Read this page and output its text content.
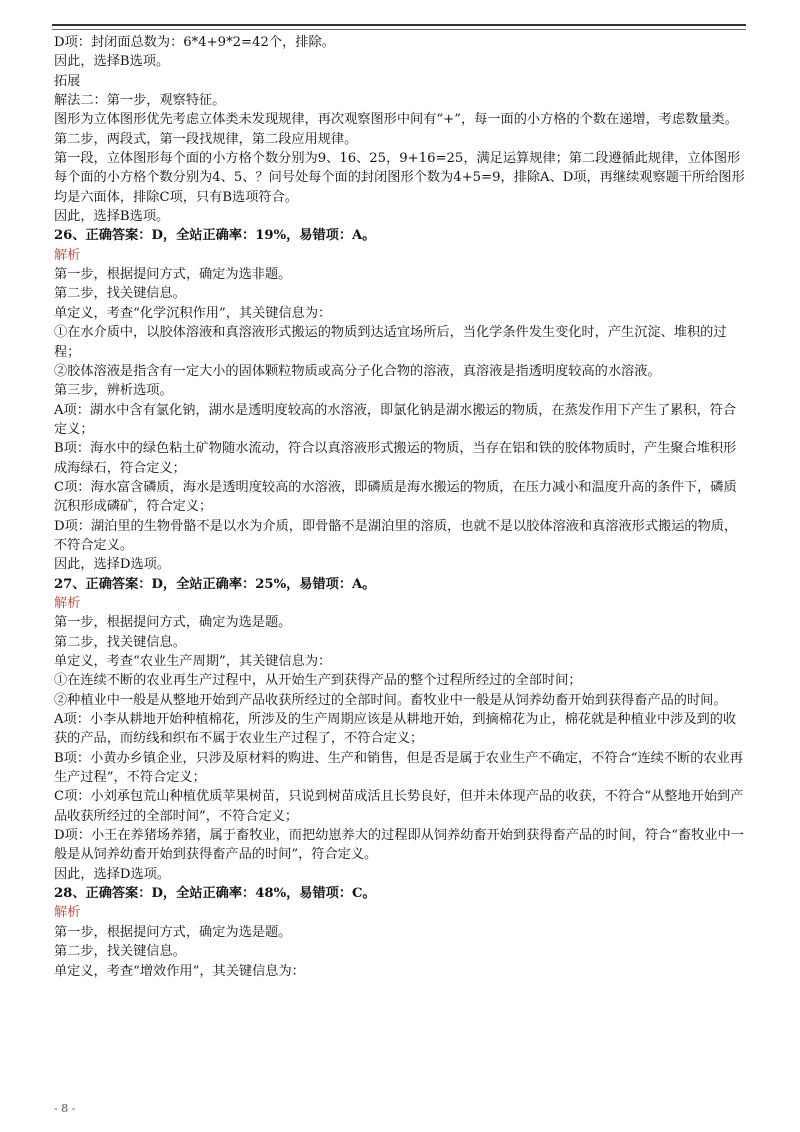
D项：封闭面总数为：6*4+9*2=42个，排除。

因此，选择B选项。

拓展

解法二：第一步，观察特征。

图形为立体图形优先考虑立体类未发现规律，再次观察图形中间有“+”，每一面的小方格的个数在递增，考虑数量类。

第二步，两段式，第一段找规律，第二段应用规律。

第一段，立体图形每个面的小方格个数分别为9、16、25，9+16=25，满足运算规律；第二段遵循此规律，立体图形每个面的小方格个数分别为4、5、？问号处每个面的封闭图形个数为4+5=9，排除A、D项，再继续观察题干所给图形均是六面体，排除C项，只有B选项符合。

因此，选择B选项。

26、正确答案：D，全站正确率：19%，易错项：A。

解析

第一步，根据提问方式，确定为选非题。

第二步，找关键信息。

单定义，考查“化学沉积作用”，其关键信息为：

①在水介质中，以胶体溶液和真溶液形式搬运的物质到达适宜场所后，当化学条件发生变化时，产生沉淀、堆积的过程；

②胶体溶液是指含有一定大小的固体颗粒物质或高分子化合物的溶液，真溶液是指透明度较高的水溶液。

第三步，辨析选项。

A项：湖水中含有氯化钠，湖水是透明度较高的水溶液，即氯化钠是湖水搬运的物质，在蒸发作用下产生了累积，符合定义；

B项：海水中的绿色粘土矿物随水流动，符合以真溶液形式搬运的物质，当存在铝和铁的胶体物质时，产生聚合堆积形成海绿石，符合定义；

C项：海水富含磷质，海水是透明度较高的水溶液，即磷质是海水搬运的物质，在压力减小和温度升高的条件下，磷质沉积形成磷矿，符合定义；

D项：湖泊里的生物骨骼不是以水为介质，即骨骼不是湖泊里的溶质，也就不是以胶体溶液和真溶液形式搬运的物质，不符合定义。

因此，选择D选项。

27、正确答案：D，全站正确率：25%，易错项：A。

解析

第一步，根据提问方式，确定为选是题。

第二步，找关键信息。

单定义，考查“农业生产周期”，其关键信息为：

①在连续不断的农业再生产过程中，从开始生产到获得产品的整个过程所经过的全部时间；

②种植业中一般是从整地开始到产品收获所经过的全部时间。畜牧业中一般是从饲养幼畜开始到获得畜产品的时间。

A项：小李从耕地开始种植棉花，所涉及的生产周期应该是从耕地开始，到摘棉花为止，棉花就是种植业中涉及到的收获的产品，而纺线和织布不属于农业生产过程了，不符合定义；

B项：小黄办乡镇企业，只涉及原材料的购进、生产和销售，但是否是属于农业生产不确定，不符合“连续不断的农业再生产过程”，不符合定义；

C项：小刘承包荒山种植优质苹果树苗，只说到树苗成活且长势良好，但并未体现产品的收获，不符合“从整地开始到产品收获所经过的全部时间”，不符合定义；

D项：小王在养猪场养猪，属于畜牧业，而把幼崽养大的过程即从饲养幼畜开始到获得畜产品的时间，符合“畜牧业中一般是从饲养幼畜开始到获得畜产品的时间”，符合定义。

因此，选择D选项。

28、正确答案：D，全站正确率：48%，易错项：C。

解析

第一步，根据提问方式，确定为选是题。

第二步，找关键信息。

单定义，考查“增效作用”，其关键信息为：

- 8 -
